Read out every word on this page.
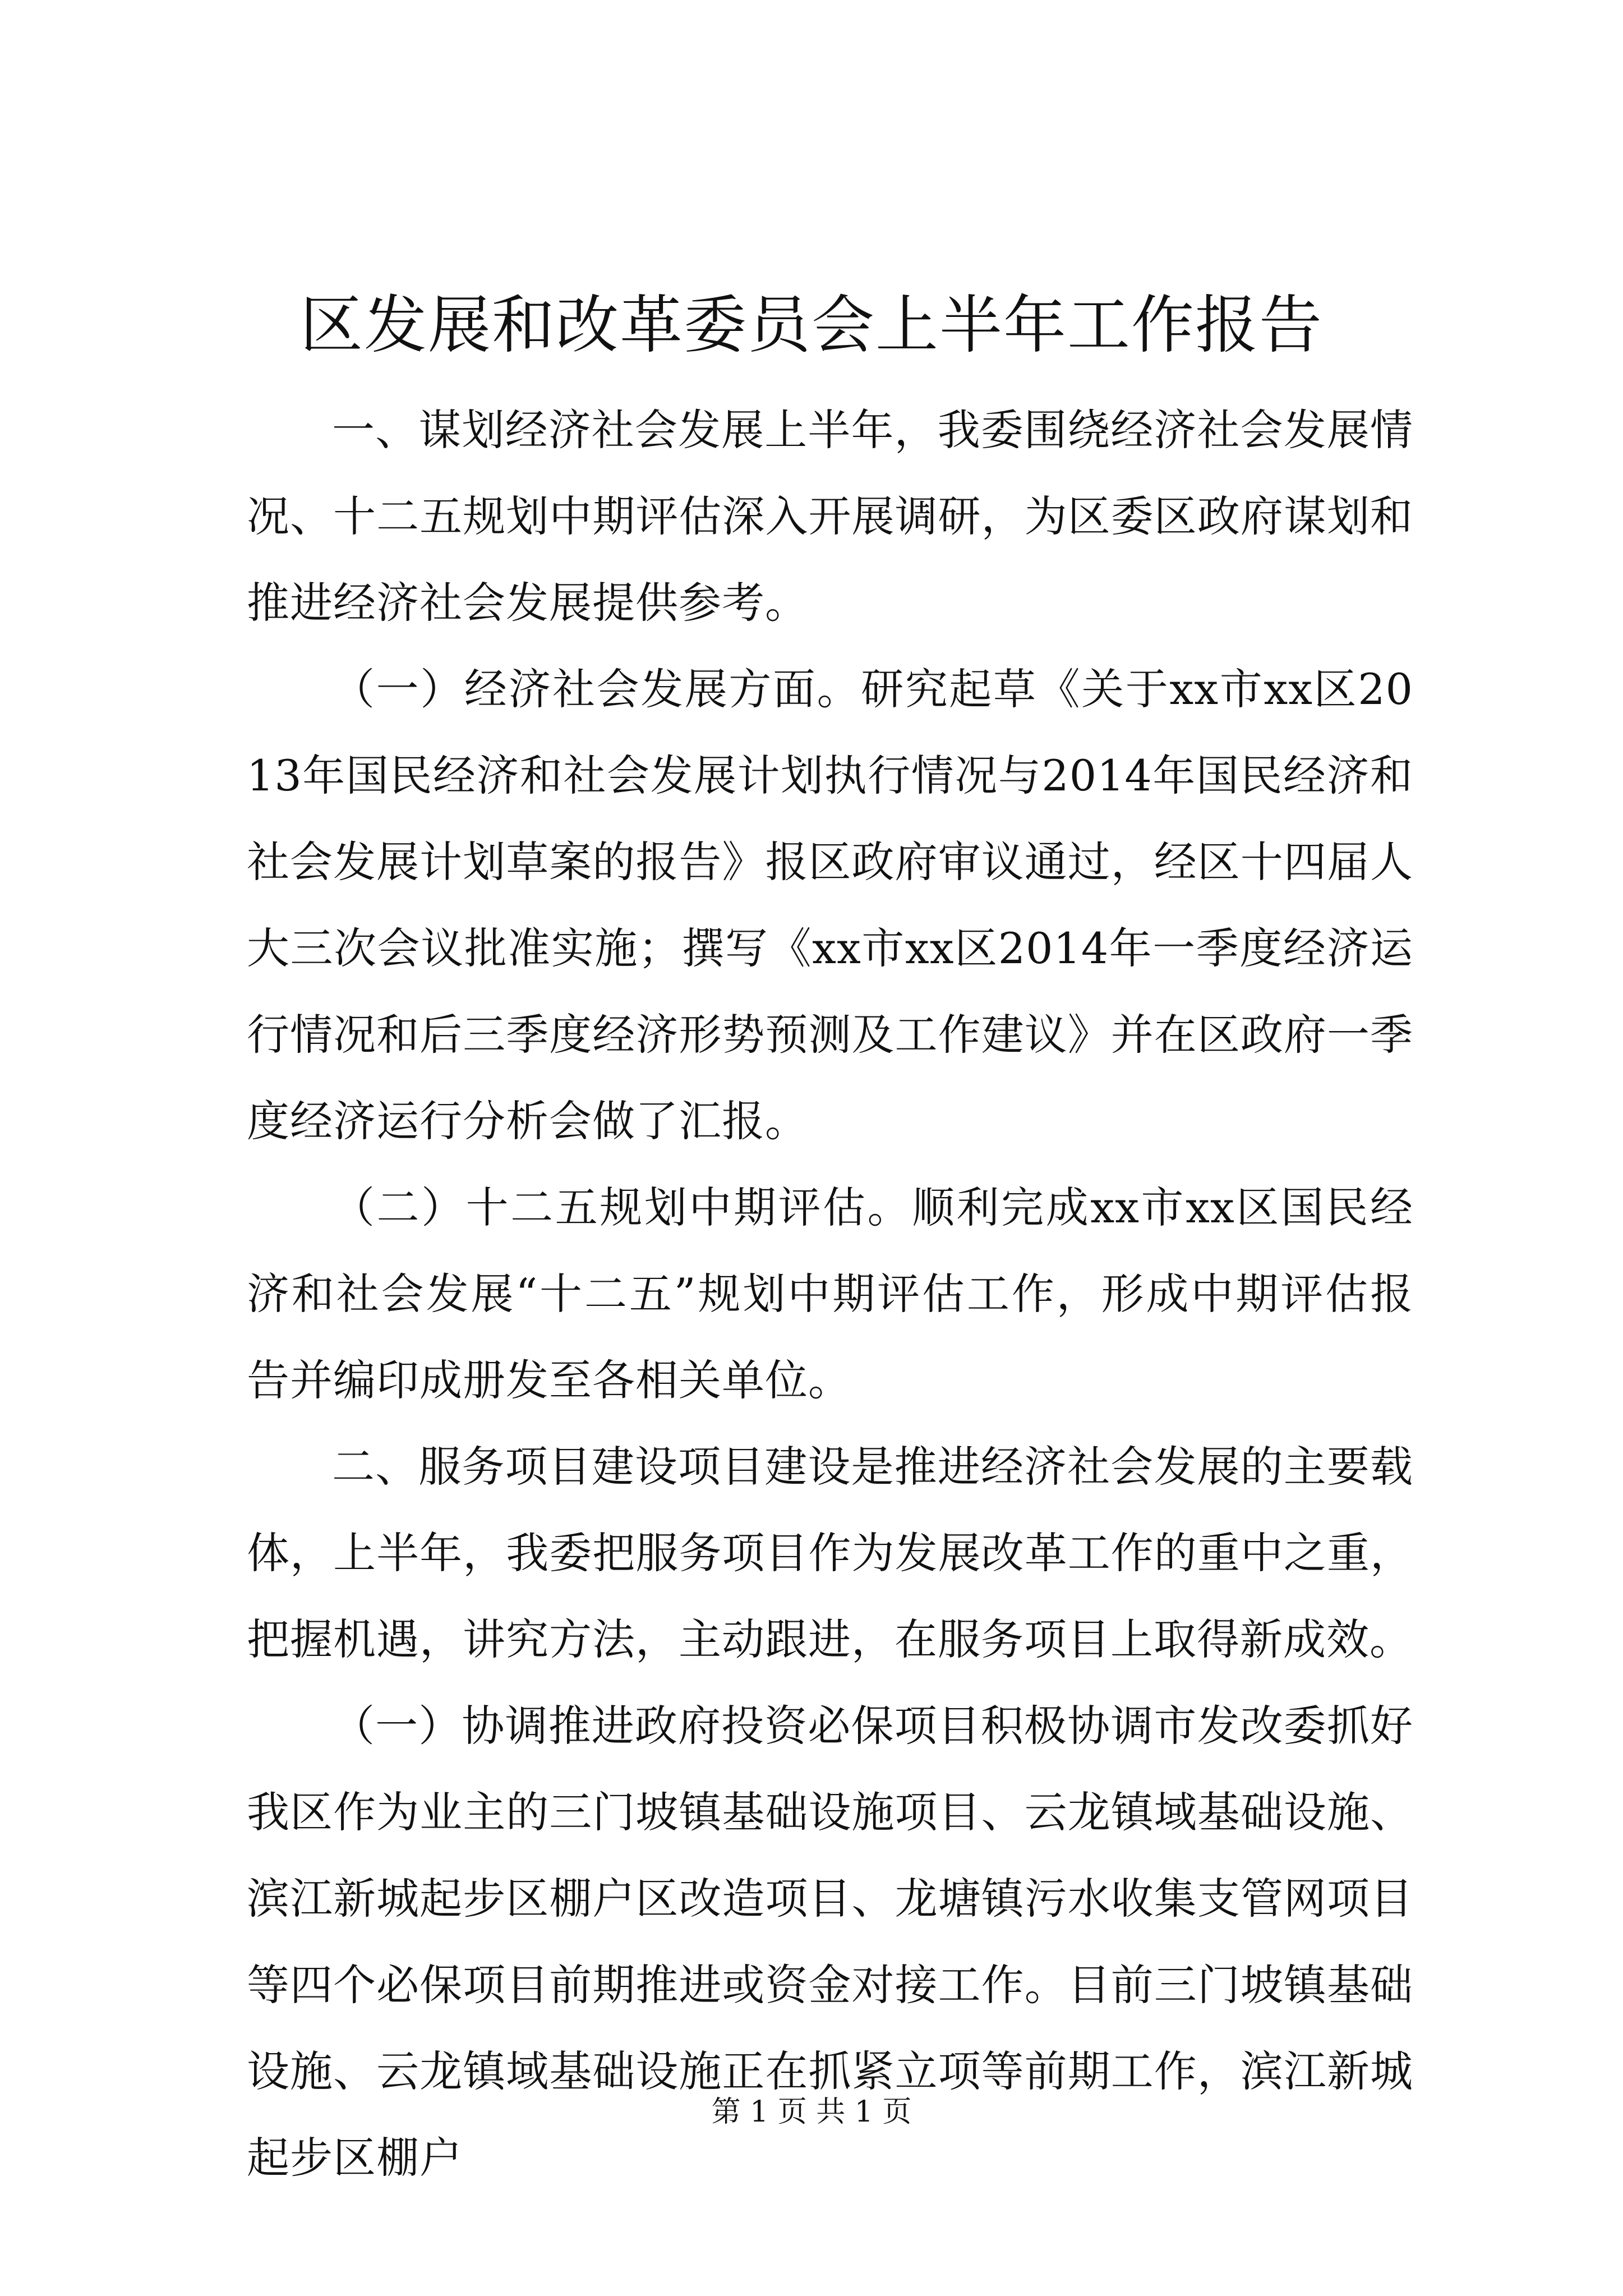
区发展和改革委员会上半年工作报告

一、谋划经济社会发展上半年，我委围绕经济社会发展情况、十二五规划中期评估深入开展调研，为区委区政府谋划和推进经济社会发展提供参考。

（一）经济社会发展方面。研究起草《关于xx市xx区2013年国民经济和社会发展计划执行情况与2014年国民经济和社会发展计划草案的报告》报区政府审议通过，经区十四届人大三次会议批准实施；撰写《xx市xx区2014年一季度经济运行情况和后三季度经济形势预测及工作建议》并在区政府一季度经济运行分析会做了汇报。

（二）十二五规划中期评估。顺利完成xx市xx区国民经济和社会发展“十二五”规划中期评估工作，形成中期评估报告并编印成册发至各相关单位。

二、服务项目建设项目建设是推进经济社会发展的主要载体，上半年，我委把服务项目作为发展改革工作的重中之重，把握机遇，讲究方法，主动跟进，在服务项目上取得新成效。

（一）协调推进政府投资必保项目积极协调市发改委抓好我区作为业主的三门坡镇基础设施项目、云龙镇域基础设施、滨江新城起步区棚户区改造项目、龙塘镇污水收集支管网项目等四个必保项目前期推进或资金对接工作。目前三门坡镇基础设施、云龙镇域基础设施正在抓紧立项等前期工作，滨江新城起步区棚户

第 1 页 共 1 页
